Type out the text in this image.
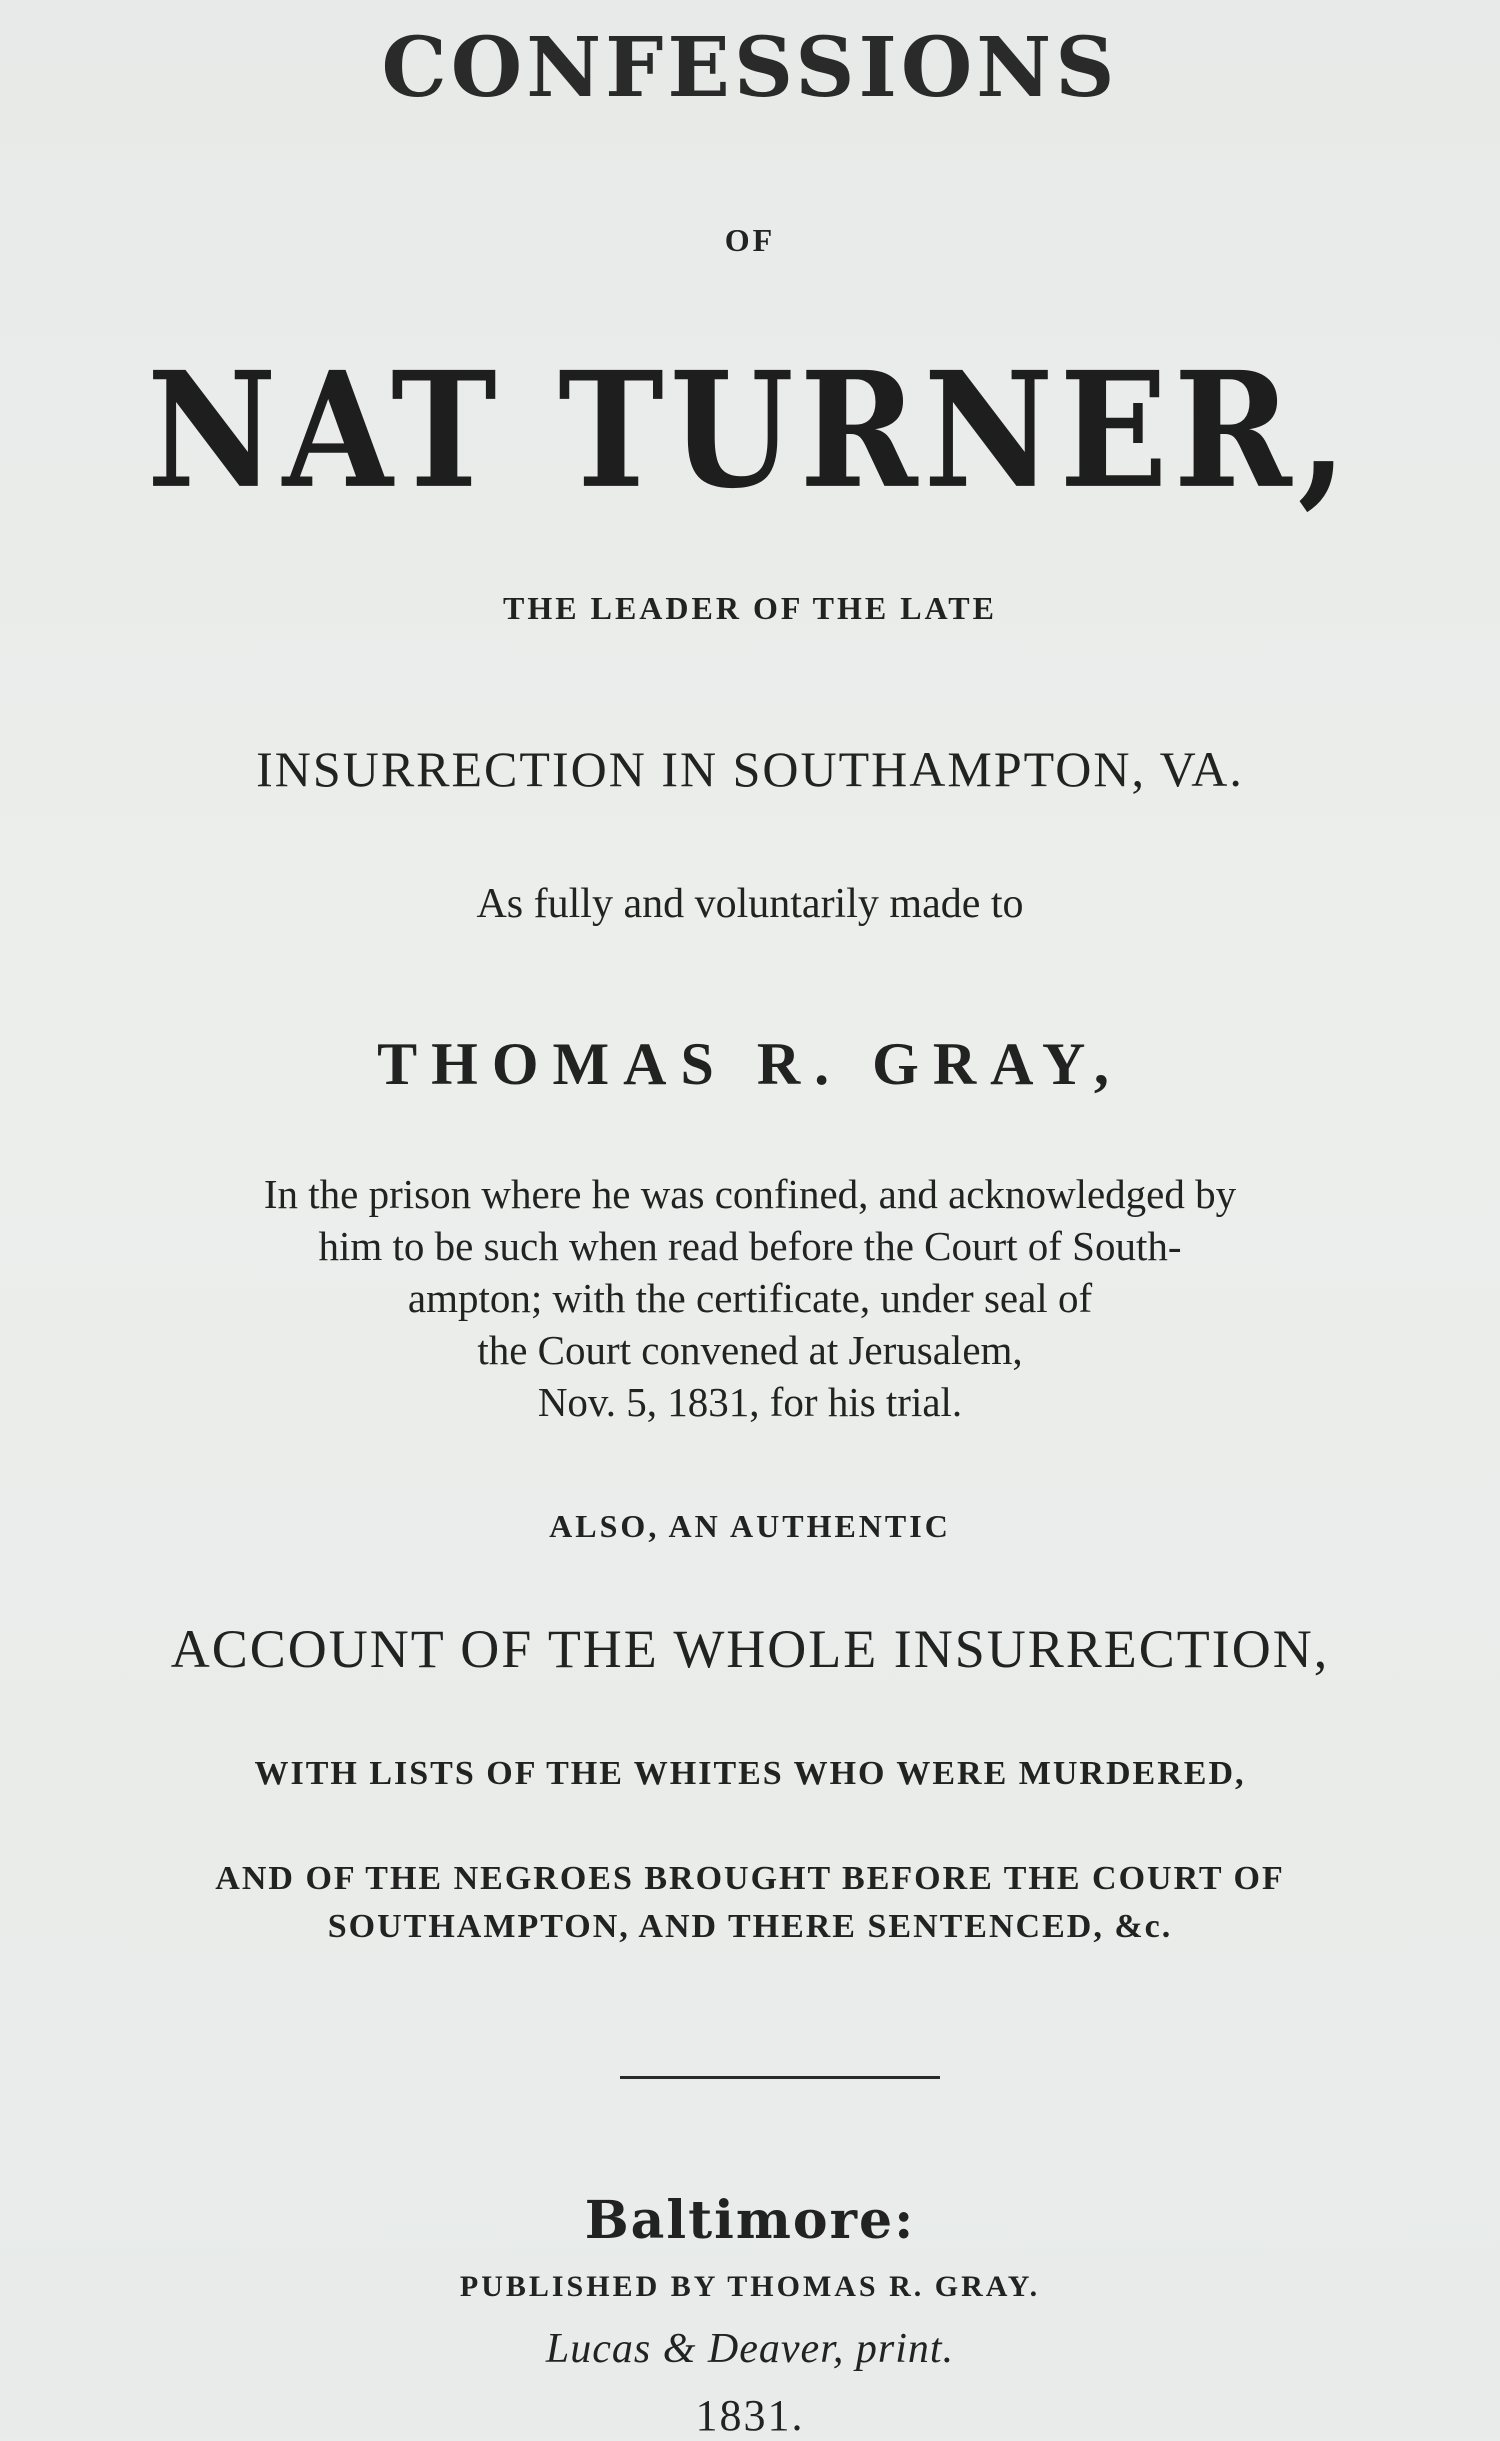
CONFESSIONS
OF
NAT TURNER,
THE LEADER OF THE LATE
INSURRECTION IN SOUTHAMPTON, VA.
As fully and voluntarily made to
THOMAS R. GRAY,
In the prison where he was confined, and acknowledged by
him to be such when read before the Court of South-
ampton; with the certificate, under seal of
the Court convened at Jerusalem,
Nov. 5, 1831, for his trial.
ALSO, AN AUTHENTIC
ACCOUNT OF THE WHOLE INSURRECTION,
WITH LISTS OF THE WHITES WHO WERE MURDERED,
AND OF THE NEGROES BROUGHT BEFORE THE COURT OF
SOUTHAMPTON, AND THERE SENTENCED, &c.
Baltimore:
PUBLISHED BY THOMAS R. GRAY.
Lucas & Deaver, print.
1831.
